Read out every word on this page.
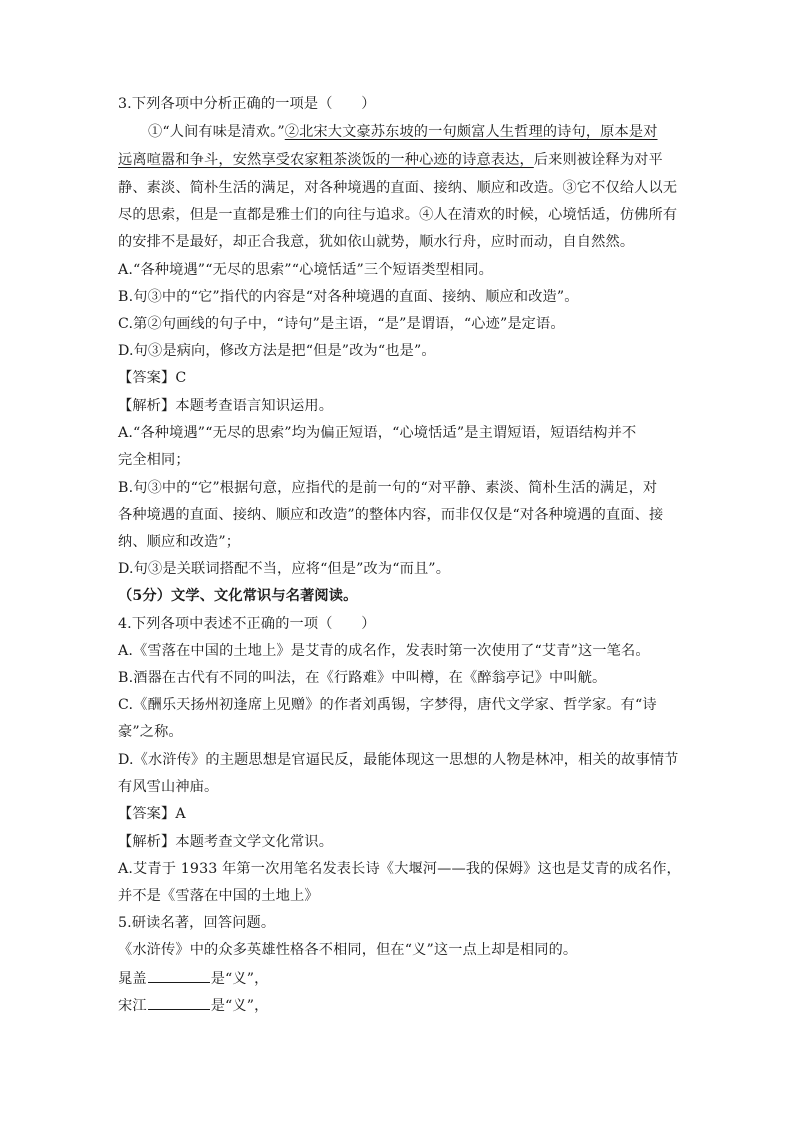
3.下列各项中分析正确的一项是（　　）
①“人间有味是清欢。”②北宋大文豪苏东坡的一句颇富人生哲理的诗句，原本是对
远离喧嚣和争斗，安然享受农家粗茶淡饭的一种心迹的诗意表达，后来则被诠释为对平
静、素淡、简朴生活的满足，对各种境遇的直面、接纳、顺应和改造。③它不仅给人以无
尽的思索，但是一直都是雅士们的向往与追求。④人在清欢的时候，心境恬适，仿佛所有
的安排不是最好，却正合我意，犹如依山就势，顺水行舟，应时而动，自自然然。
A.“各种境遇”“无尽的思索”“心境恬适”三个短语类型相同。
B.句③中的“它”指代的内容是“对各种境遇的直面、接纳、顺应和改造”。
C.第②句画线的句子中，“诗句”是主语，“是”是谓语，“心迹”是定语。
D.句③是病向，修改方法是把“但是”改为“也是”。
【答案】C
【解析】本题考查语言知识运用。
A.“各种境遇”“无尽的思索”均为偏正短语，“心境恬适”是主谓短语，短语结构并不
完全相同；
B.句③中的“它”根据句意，应指代的是前一句的“对平静、素淡、简朴生活的满足，对
各种境遇的直面、接纳、顺应和改造”的整体内容，而非仅仅是“对各种境遇的直面、接
纳、顺应和改造”；
D.句③是关联词搭配不当，应将“但是”改为“而且”。
（5分）文学、文化常识与名著阅读。
4.下列各项中表述不正确的一项（　　）
A.《雪落在中国的土地上》是艾青的成名作，发表时第一次使用了“艾青”这一笔名。
B.酒器在古代有不同的叫法，在《行路难》中叫樽，在《醉翁亭记》中叫觥。
C.《酬乐天扬州初逢席上见赠》的作者刘禹锡，字梦得，唐代文学家、哲学家。有“诗
豪”之称。
D.《水浒传》的主题思想是官逼民反，最能体现这一思想的人物是林冲，相关的故事情节
有风雪山神庙。
【答案】A
【解析】本题考查文学文化常识。
A.艾青于 1933 年第一次用笔名发表长诗《大堰河——我的保姆》这也是艾青的成名作，
并不是《雪落在中国的土地上》
5.研读名著，回答问题。
《水浒传》中的众多英雄性格各不相同，但在“义”这一点上却是相同的。
晁盖	是“义”，
宋江	是“义”，
